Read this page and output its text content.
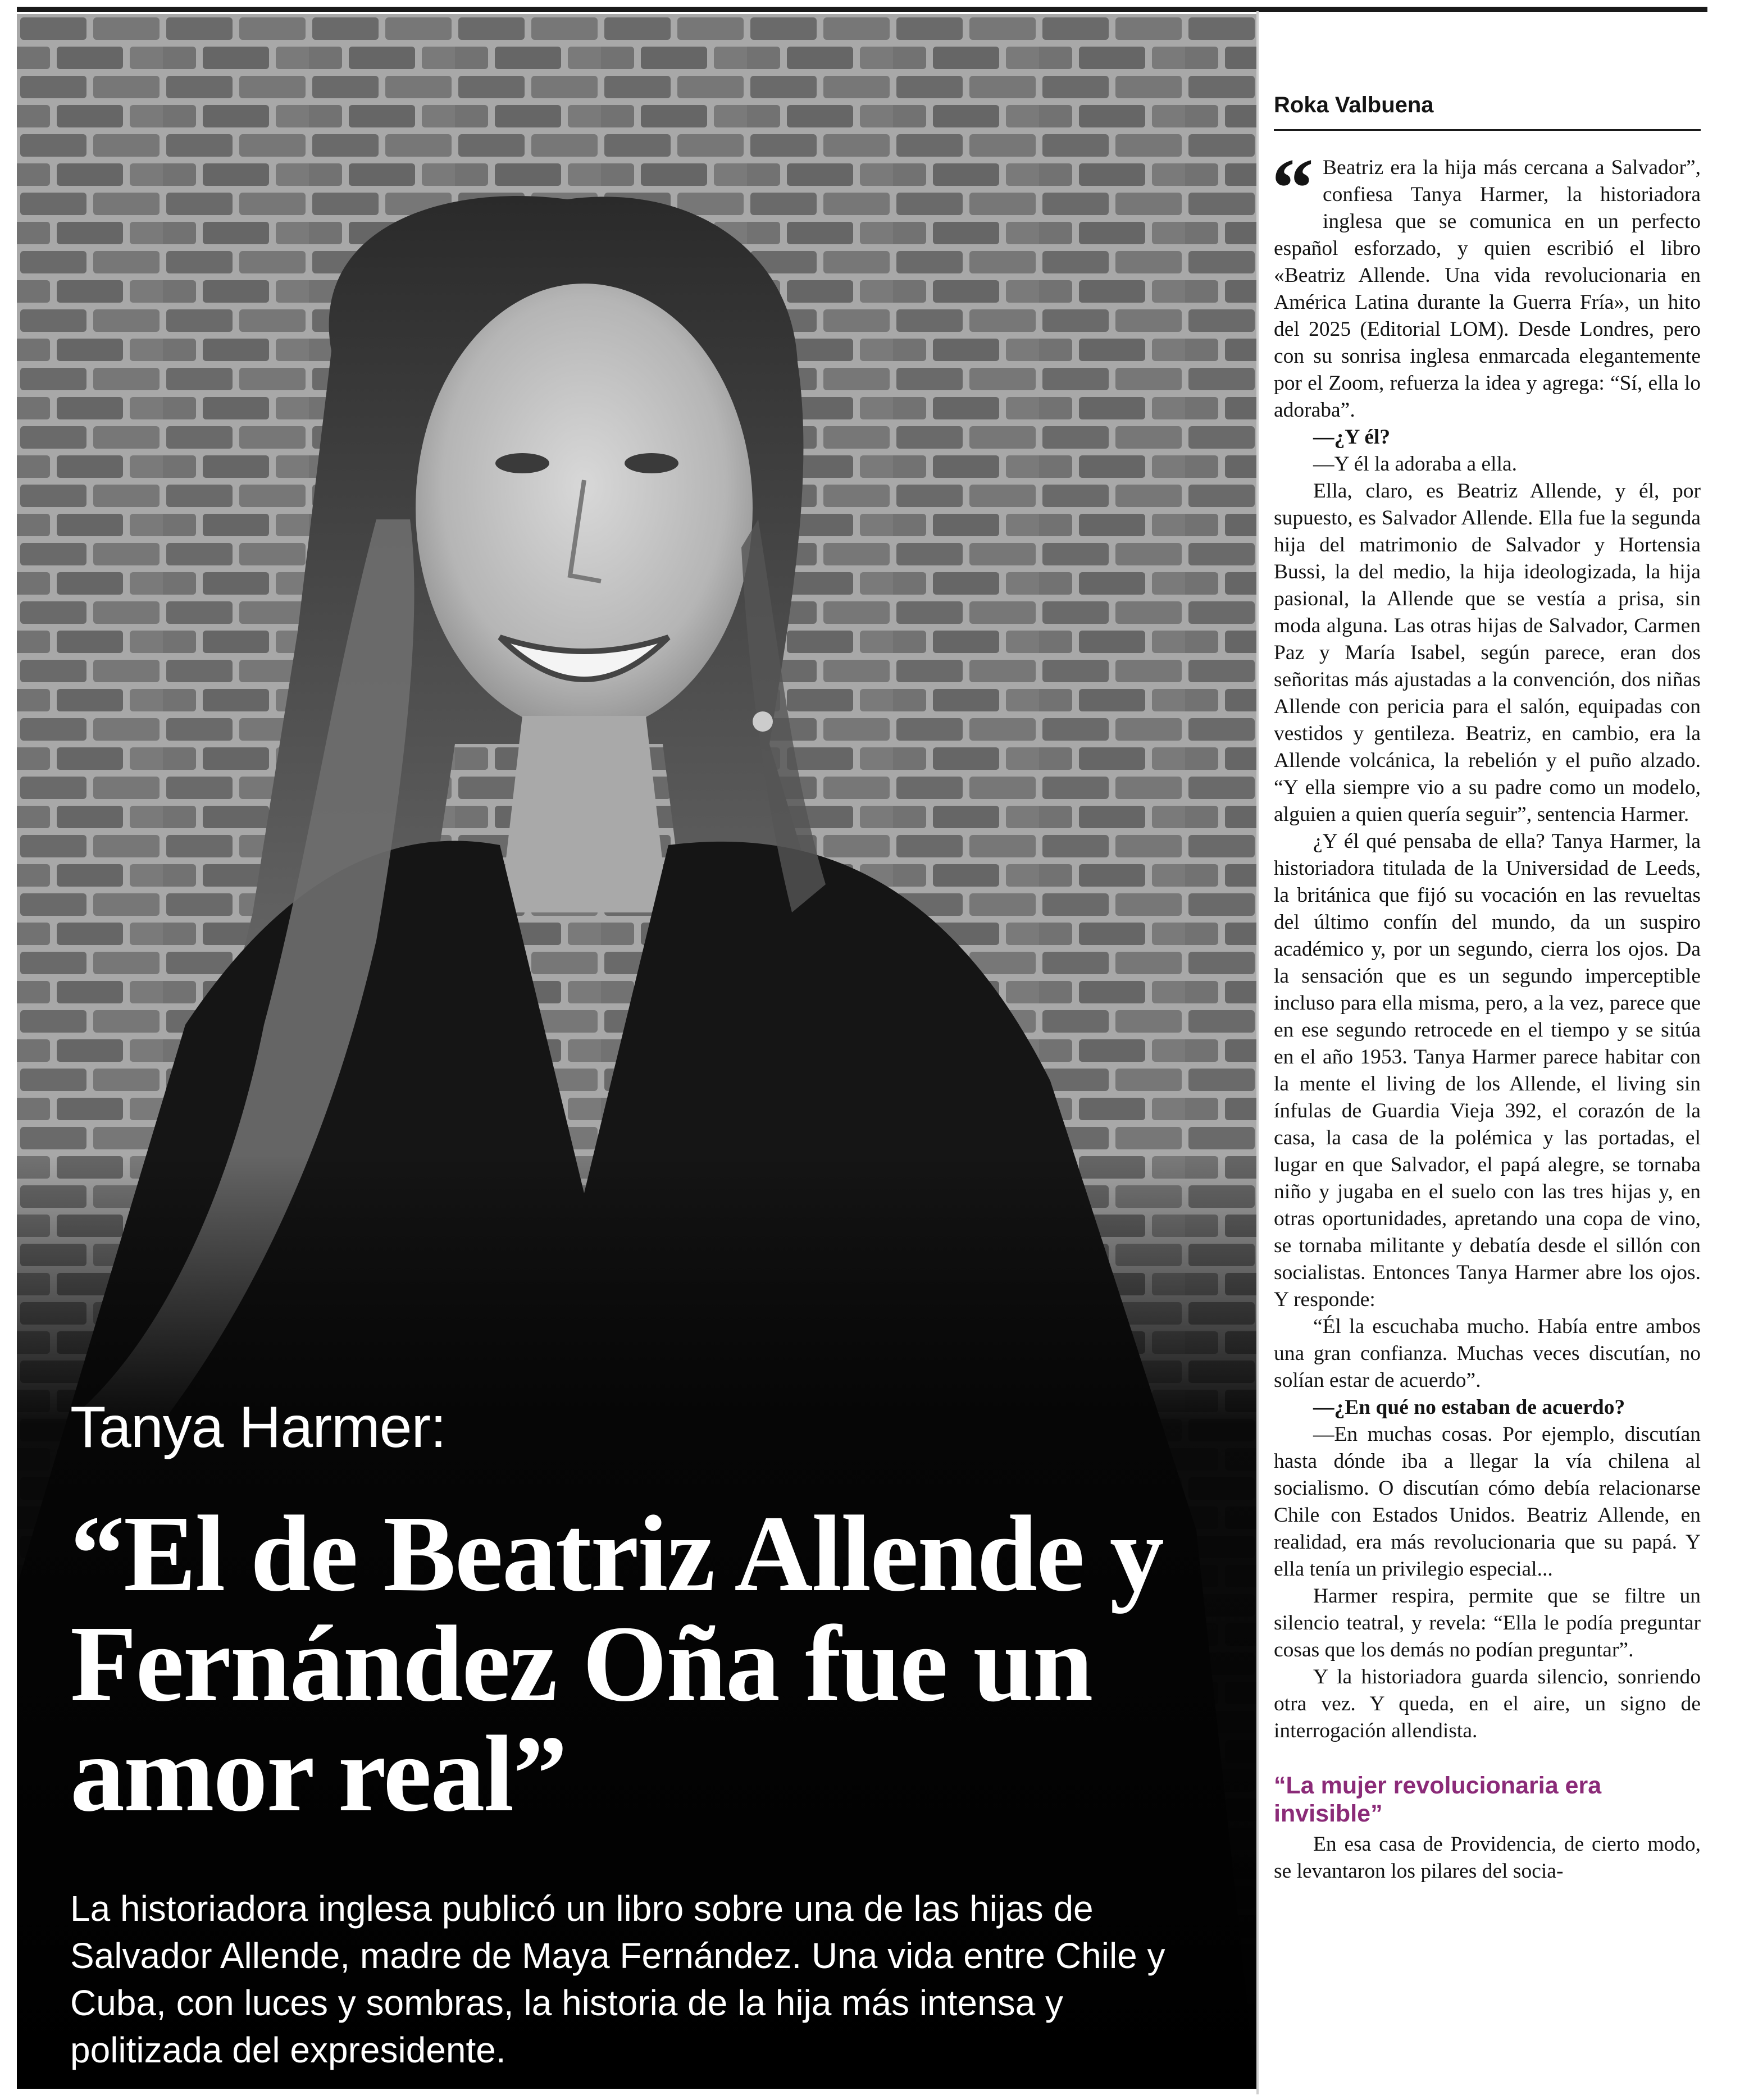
Tanya Harmer:
“El de Beatriz Allende y Fernández Oña fue un amor real”

La historiadora inglesa publicó un libro sobre una de las hijas de Salvador Allende, madre de Maya Fernández. Una vida entre Chile y Cuba, con luces y sombras, la historia de la hija más intensa y politizada del expresidente.

Roka Valbuena

“ Beatriz era la hija más cercana a Salvador”, confiesa Tanya Harmer, la historiadora inglesa que se comunica en un perfecto español esforzado, y quien escribió el libro «Beatriz Allende. Una vida revolucionaria en América Latina durante la Guerra Fría», un hito del 2025 (Editorial LOM). Desde Londres, pero con su sonrisa inglesa enmarcada elegantemente por el Zoom, refuerza la idea y agrega: “Sí, ella lo adoraba”.

—¿Y él?

—Y él la adoraba a ella.

Ella, claro, es Beatriz Allende, y él, por supuesto, es Salvador Allende. Ella fue la segunda hija del matrimonio de Salvador y Hortensia Bussi, la del medio, la hija ideologizada, la hija pasional, la Allende que se vestía a prisa, sin moda alguna. Las otras hijas de Salvador, Carmen Paz y María Isabel, según parece, eran dos señoritas más ajustadas a la convención, dos niñas Allende con pericia para el salón, equipadas con vestidos y gentileza. Beatriz, en cambio, era la Allende volcánica, la rebelión y el puño alzado. “Y ella siempre vio a su padre como un modelo, alguien a quien quería seguir”, sentencia Harmer.

¿Y él qué pensaba de ella? Tanya Harmer, la historiadora titulada de la Universidad de Leeds, la británica que fijó su vocación en las revueltas del último confín del mundo, da un suspiro académico y, por un segundo, cierra los ojos. Da la sensación que es un segundo imperceptible incluso para ella misma, pero, a la vez, parece que en ese segundo retrocede en el tiempo y se sitúa en el año 1953. Tanya Harmer parece habitar con la mente el living de los Allende, el living sin ínfulas de Guardia Vieja 392, el corazón de la casa, la casa de la polémica y las portadas, el lugar en que Salvador, el papá alegre, se tornaba niño y jugaba en el suelo con las tres hijas y, en otras oportunidades, apretando una copa de vino, se tornaba militante y debatía desde el sillón con socialistas. Entonces Tanya Harmer abre los ojos. Y responde:

“Él la escuchaba mucho. Había entre ambos una gran confianza. Muchas veces discutían, no solían estar de acuerdo”.

—¿En qué no estaban de acuerdo?

—En muchas cosas. Por ejemplo, discutían hasta dónde iba a llegar la vía chilena al socialismo. O discutían cómo debía relacionarse Chile con Estados Unidos. Beatriz Allende, en realidad, era más revolucionaria que su papá. Y ella tenía un privilegio especial...

Harmer respira, permite que se filtre un silencio teatral, y revela: “Ella le podía preguntar cosas que los demás no podían preguntar”.

Y la historiadora guarda silencio, sonriendo otra vez. Y queda, en el aire, un signo de interrogación allendista.

“La mujer revolucionaria era invisible”

En esa casa de Providencia, de cierto modo, se levantaron los pilares del socia-
